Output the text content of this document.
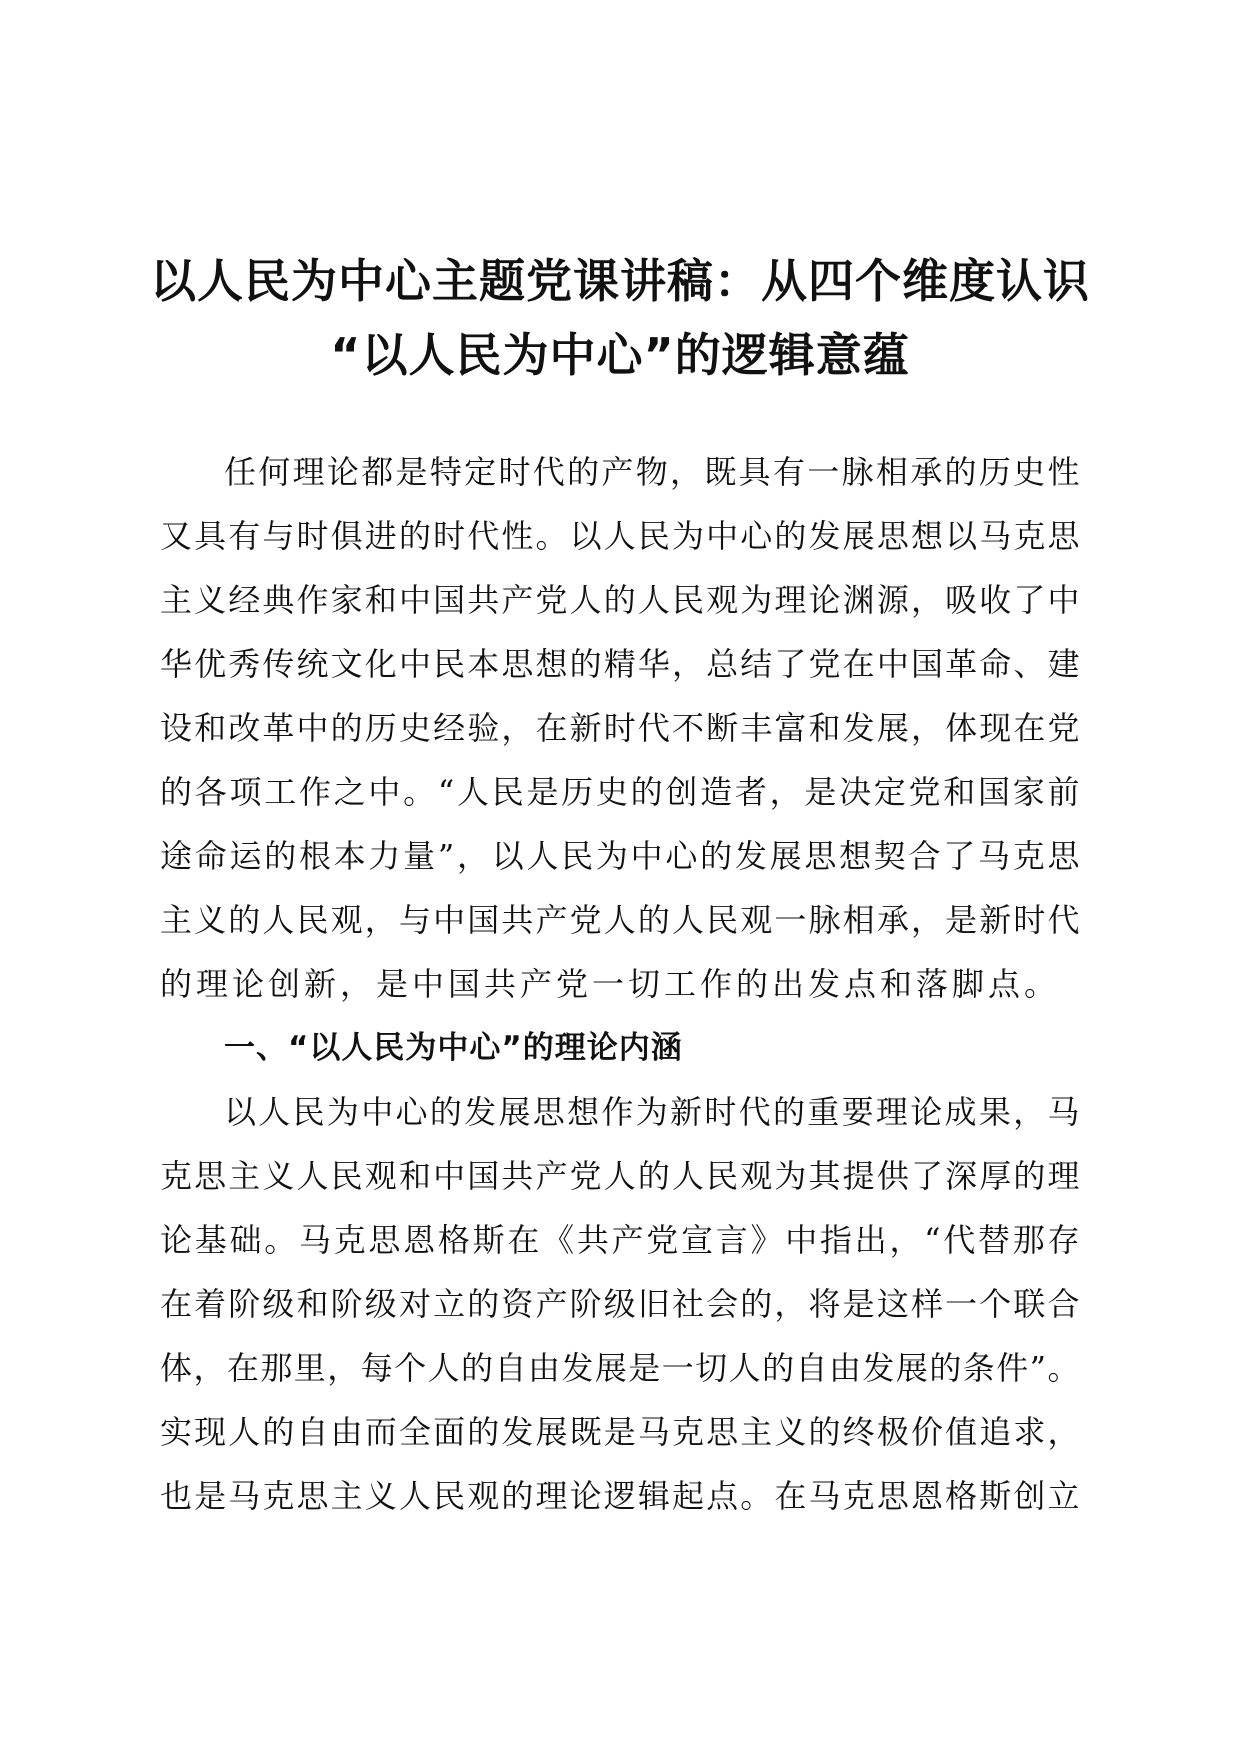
以人民为中心主题党课讲稿：从四个维度认识
“以人民为中心”的逻辑意蕴
任何理论都是特定时代的产物，既具有一脉相承的历史性
又具有与时俱进的时代性。以人民为中心的发展思想以马克思
主义经典作家和中国共产党人的人民观为理论渊源，吸收了中
华优秀传统文化中民本思想的精华，总结了党在中国革命、建
设和改革中的历史经验，在新时代不断丰富和发展，体现在党
的各项工作之中。“人民是历史的创造者，是决定党和国家前
途命运的根本力量”，以人民为中心的发展思想契合了马克思
主义的人民观，与中国共产党人的人民观一脉相承，是新时代
的理论创新，是中国共产党一切工作的出发点和落脚点。
一、“以人民为中心”的理论内涵
以人民为中心的发展思想作为新时代的重要理论成果，马
克思主义人民观和中国共产党人的人民观为其提供了深厚的理
论基础。马克思恩格斯在《共产党宣言》中指出，“代替那存
在着阶级和阶级对立的资产阶级旧社会的，将是这样一个联合
体，在那里，每个人的自由发展是一切人的自由发展的条件”。
实现人的自由而全面的发展既是马克思主义的终极价值追求，
也是马克思主义人民观的理论逻辑起点。在马克思恩格斯创立
